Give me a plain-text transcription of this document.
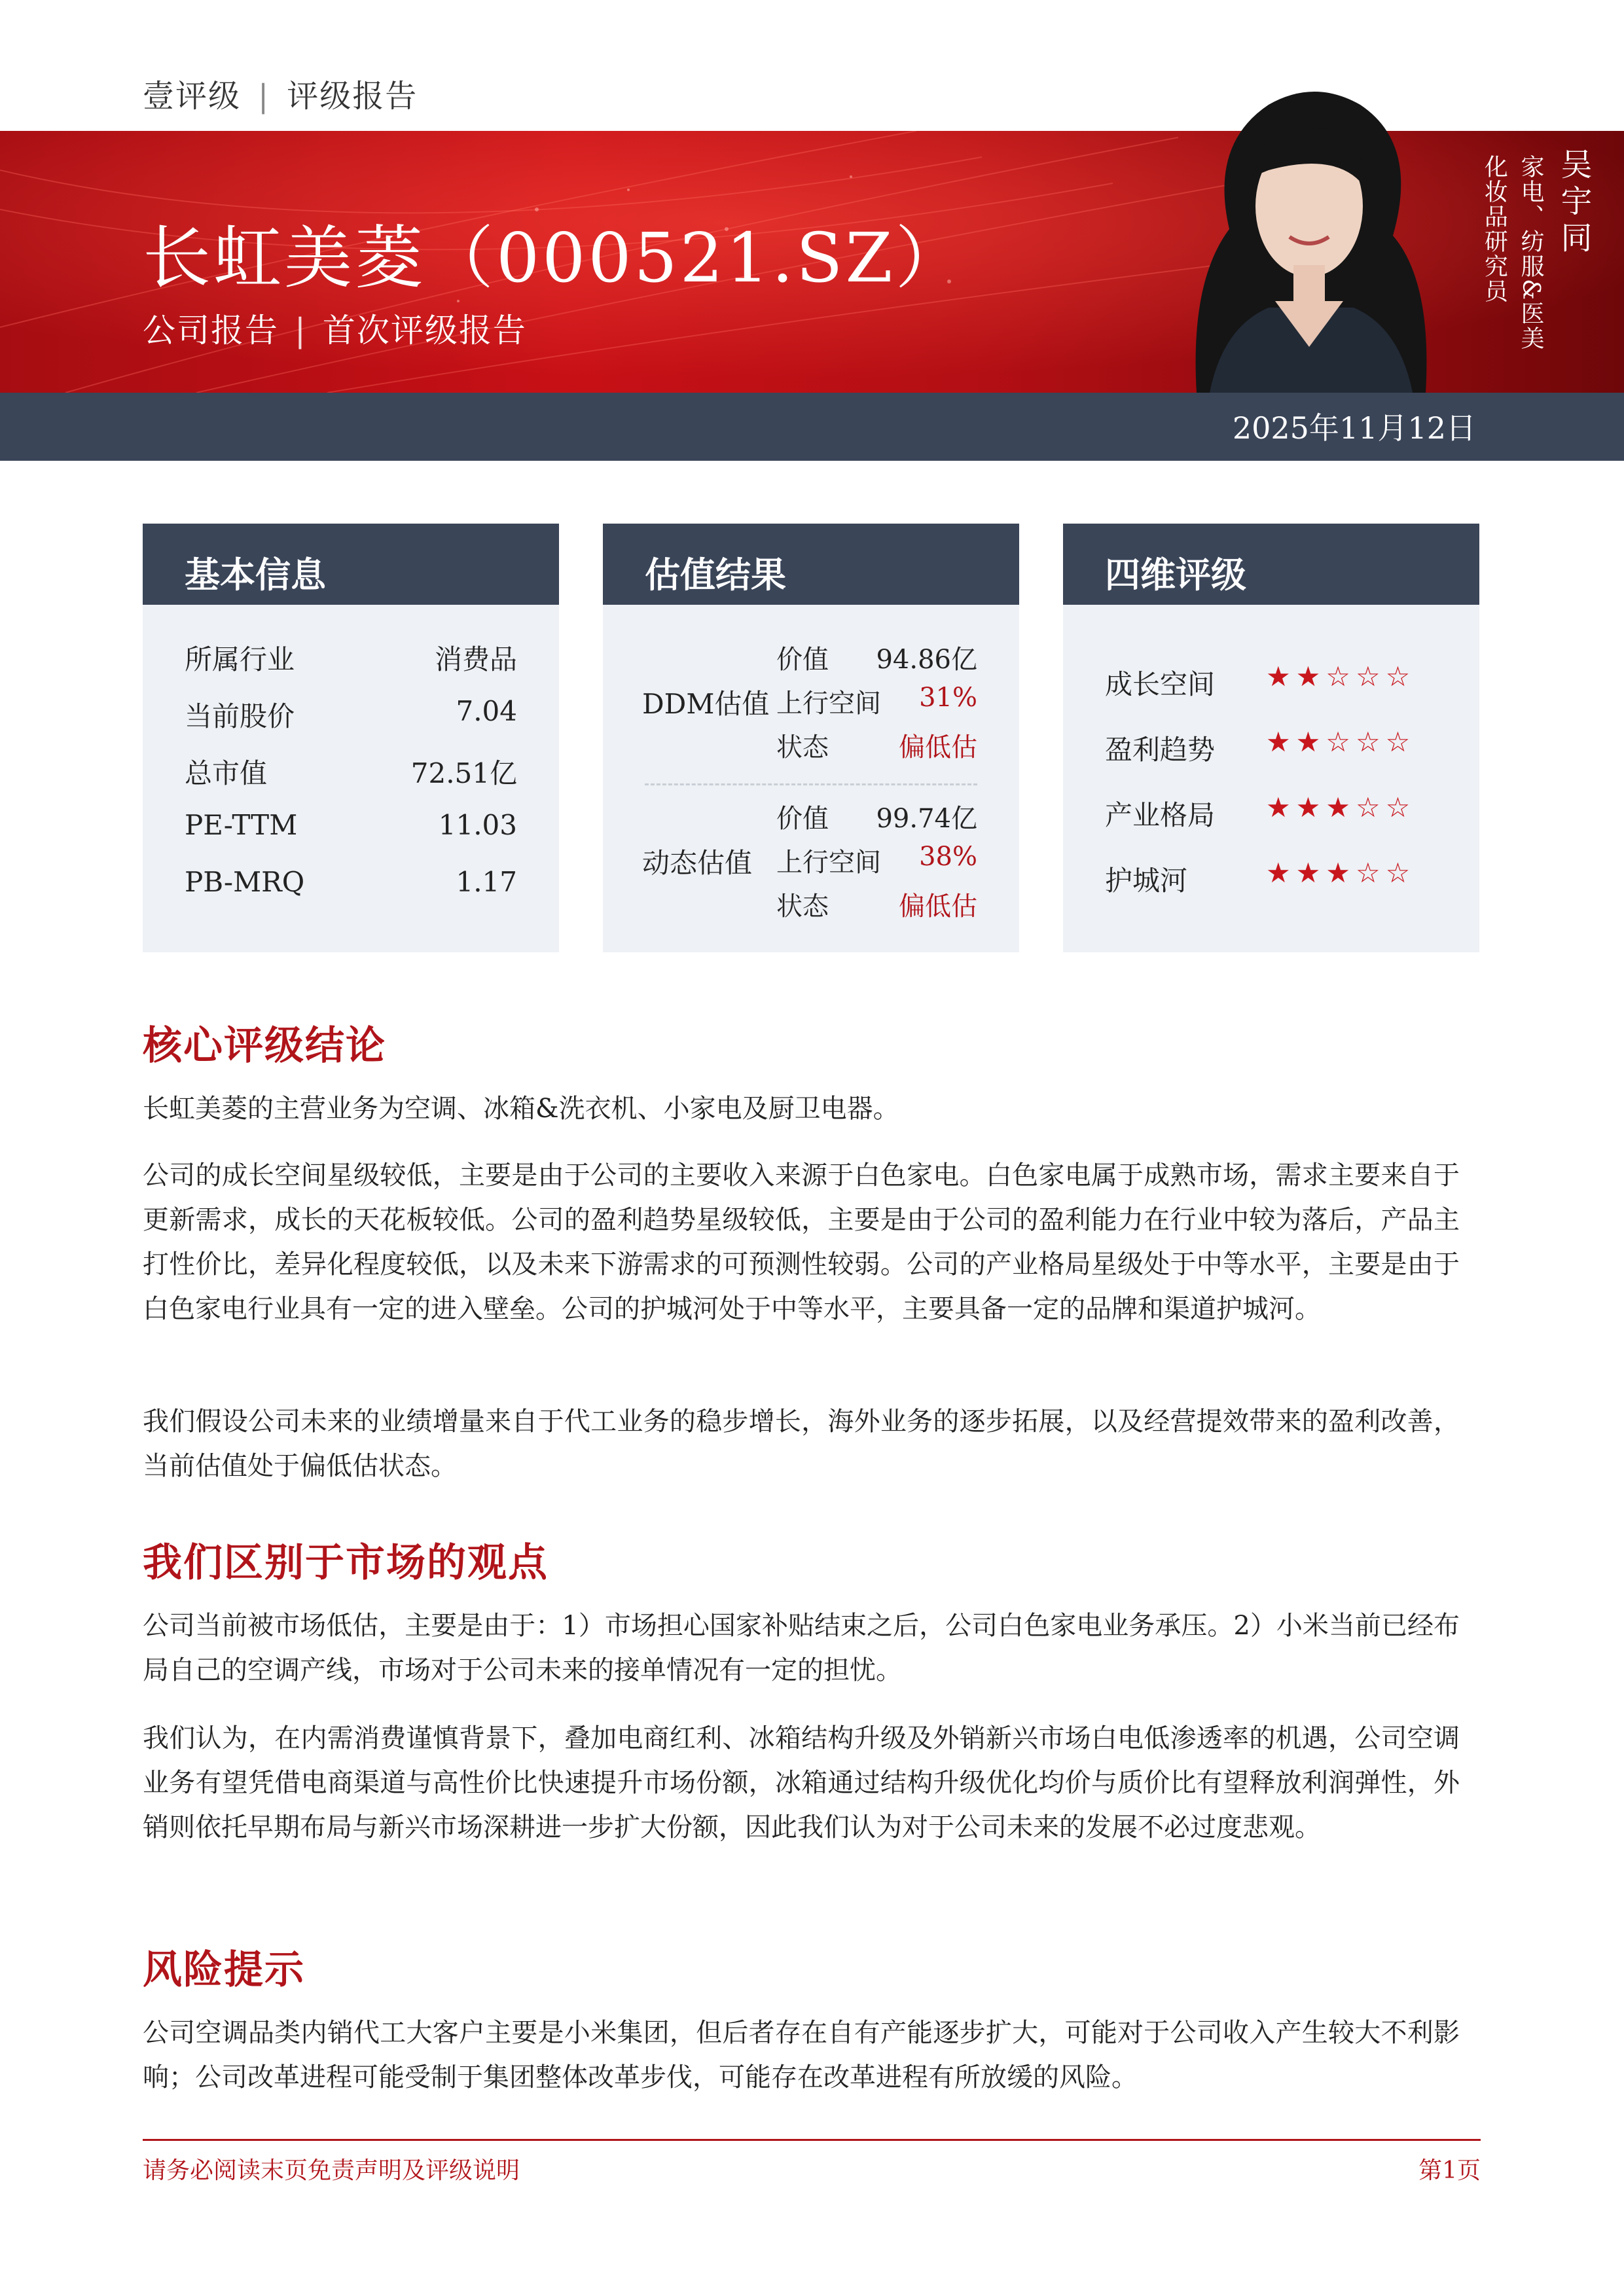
壹评级 | 评级报告
长虹美菱（000521.SZ）
公司报告 | 首次评级报告	家电、纺服&医美
化妆品研究员 吴宇同
2025年11月12日
基本信息
所属行业	消费品
当前股价	7.04
总市值	72.51亿
PE-TTM	11.03
PB-MRQ	1.17
估值结果
DDM估值
价值 94.86亿
上行空间 31%
状态	偏低估
动态估值
价值 99.74亿
上行空间 38%
状态	偏低估
四维评级
成长空间 ★★☆☆☆
盈利趋势 ★★☆☆☆
产业格局 ★★★☆☆
护城河	★★★☆☆
核心评级结论
长虹美菱的主营业务为空调、冰箱&洗衣机、小家电及厨卫电器。
公司的成长空间星级较低，主要是由于公司的主要收入来源于白色家电。白色家电属于成熟市场，需求主要来自于更新需求，成长的天花板较低。公司的盈利趋势星级较低，主要是由于公司的盈利能力在行业中较为落后，产品主打性价比，差异化程度较低，以及未来下游需求的可预测性较弱。公司的产业格局星级处于中等水平，主要是由于白色家电行业具有一定的进入壁垒。公司的护城河处于中等水平，主要具备一定的品牌和渠道护城河。
我们假设公司未来的业绩增量来自于代工业务的稳步增长，海外业务的逐步拓展，以及经营提效带来的盈利改善，当前估值处于偏低估状态。
我们区别于市场的观点
公司当前被市场低估，主要是由于：1）市场担心国家补贴结束之后，公司白色家电业务承压。2）小米当前已经布局自己的空调产线，市场对于公司未来的接单情况有一定的担忧。
我们认为，在内需消费谨慎背景下，叠加电商红利、冰箱结构升级及外销新兴市场白电低渗透率的机遇，公司空调业务有望凭借电商渠道与高性价比快速提升市场份额，冰箱通过结构升级优化均价与质价比有望释放利润弹性，外销则依托早期布局与新兴市场深耕进一步扩大份额，因此我们认为对于公司未来的发展不必过度悲观。
风险提示
公司空调品类内销代工大客户主要是小米集团，但后者存在自有产能逐步扩大，可能对于公司收入产生较大不利影响；公司改革进程可能受制于集团整体改革步伐，可能存在改革进程有所放缓的风险。
请务必阅读末页免责声明及评级说明	第1页
